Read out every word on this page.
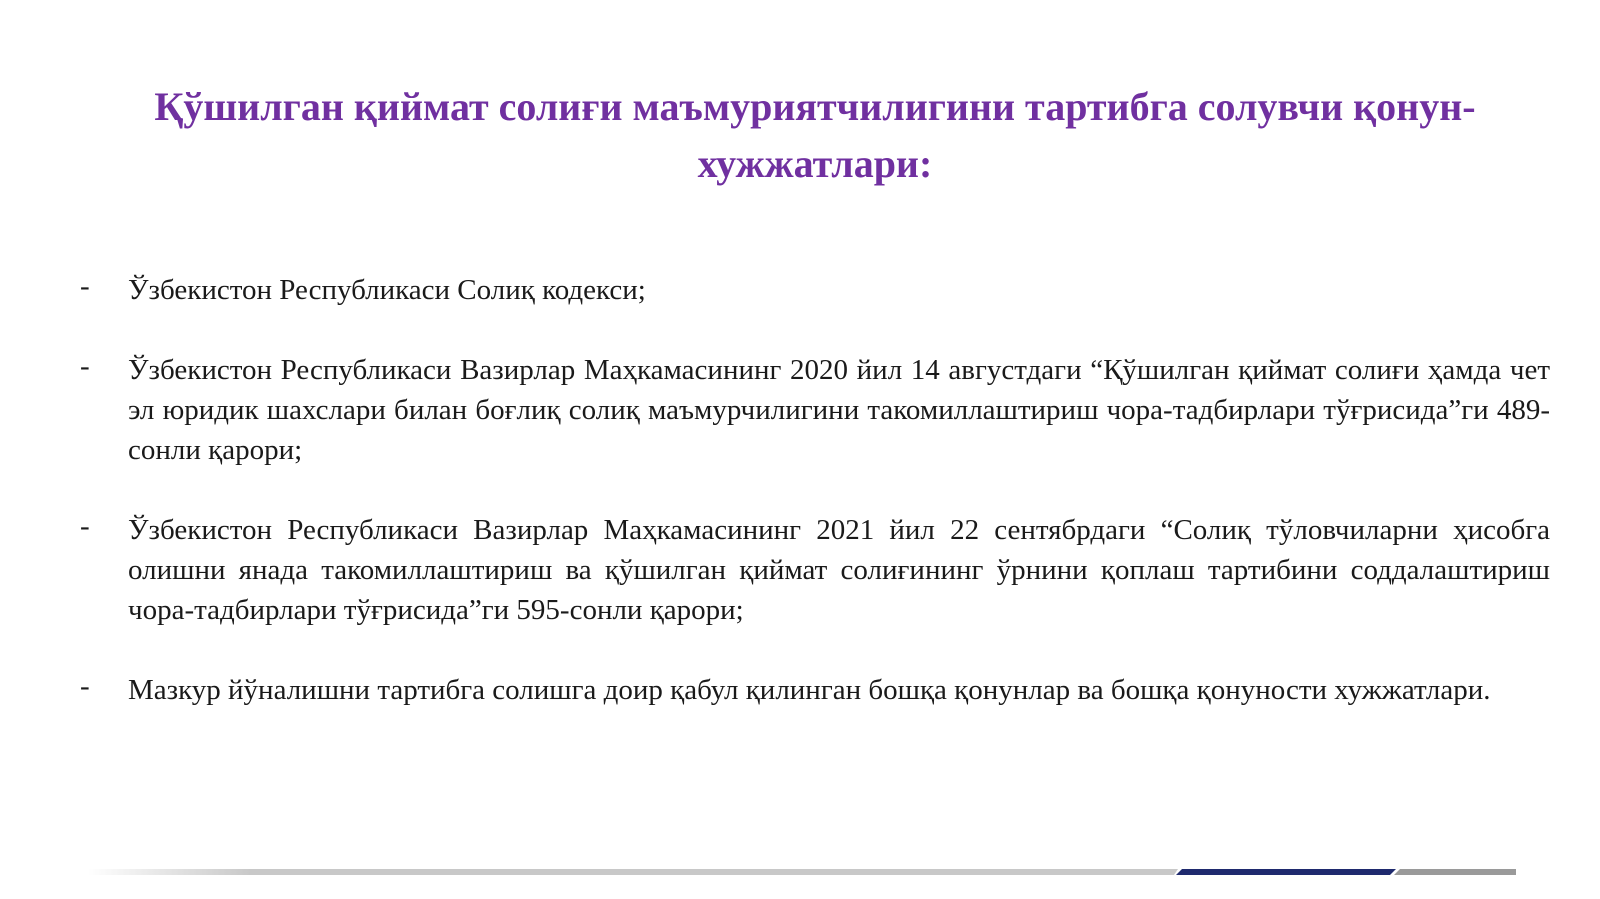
Қўшилган қиймат солиғи маъмуриятчилигини тартибга солувчи қонун-хужжатлари:
- Ўзбекистон Республикаси Солиқ кодекси;
- Ўзбекистон Республикаси Вазирлар Маҳкамасининг 2020 йил 14 августдаги “Қўшилган қиймат солиғи ҳамда чет эл юридик шахслари билан боғлиқ солиқ маъмурчилигини такомиллаштириш чора-тадбирлари тўғрисида”ги 489-сонли қарори;
- Ўзбекистон Республикаси Вазирлар Маҳкамасининг 2021 йил 22 сентябрдаги “Солиқ тўловчиларни ҳисобга олишни янада такомиллаштириш ва қўшилган қиймат солиғининг ўрнини қоплаш тартибини соддалаштириш чора-тадбирлари тўғрисида”ги 595-сонли қарори;
- Мазкур йўналишни тартибга солишга доир қабул қилинган бошқа қонунлар ва бошқа қонуности хужжатлари.
